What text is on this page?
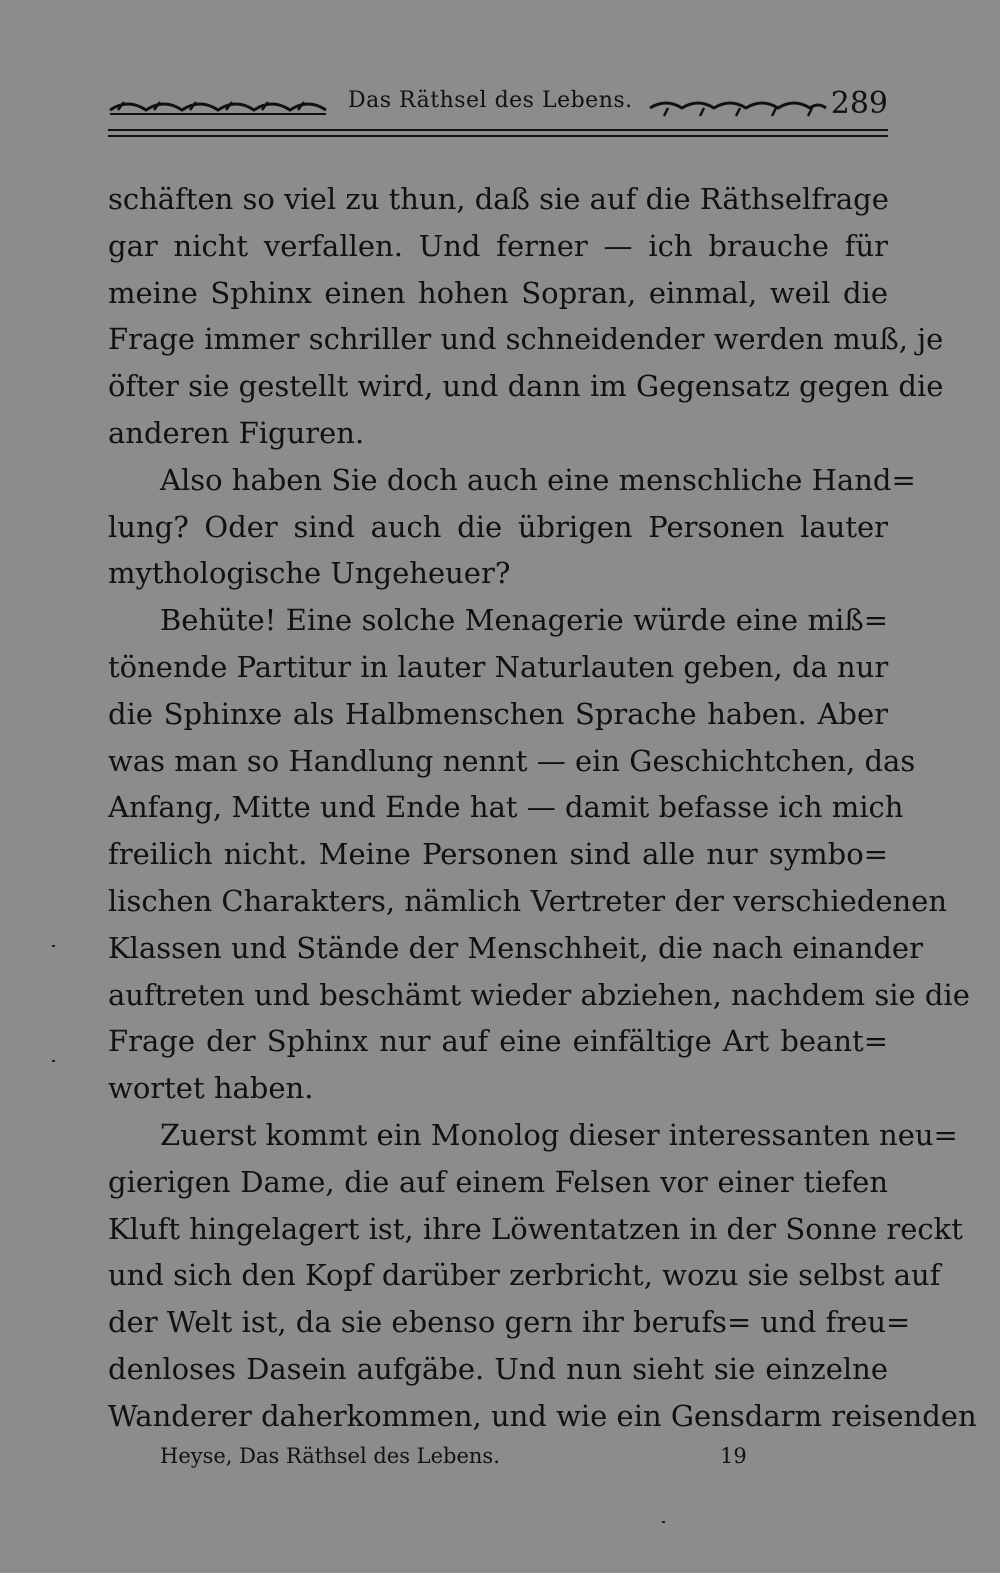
Das Räthsel des Lebens.	289
schäften so viel zu thun, daß sie auf die Räthselfrage
gar nicht verfallen. Und ferner — ich brauche für
meine Sphinx einen hohen Sopran, einmal, weil die
Frage immer schriller und schneidender werden muß, je
öfter sie gestellt wird, und dann im Gegensatz gegen die
anderen Figuren.
Also haben Sie doch auch eine menschliche Hand=
lung? Oder sind auch die übrigen Personen lauter
mythologische Ungeheuer?
Behüte! Eine solche Menagerie würde eine miß=
tönende Partitur in lauter Naturlauten geben, da nur
die Sphinxe als Halbmenschen Sprache haben. Aber
was man so Handlung nennt — ein Geschichtchen, das
Anfang, Mitte und Ende hat — damit befasse ich mich
freilich nicht. Meine Personen sind alle nur symbo=
lischen Charakters, nämlich Vertreter der verschiedenen
Klassen und Stände der Menschheit, die nach einander
auftreten und beschämt wieder abziehen, nachdem sie die
Frage der Sphinx nur auf eine einfältige Art beant=
wortet haben.
Zuerst kommt ein Monolog dieser interessanten neu=
gierigen Dame, die auf einem Felsen vor einer tiefen
Kluft hingelagert ist, ihre Löwentatzen in der Sonne reckt
und sich den Kopf darüber zerbricht, wozu sie selbst auf
der Welt ist, da sie ebenso gern ihr berufs= und freu=
denloses Dasein aufgäbe. Und nun sieht sie einzelne
Wanderer daherkommen, und wie ein Gensdarm reisenden
Heyse, Das Räthsel des Lebens.	19
